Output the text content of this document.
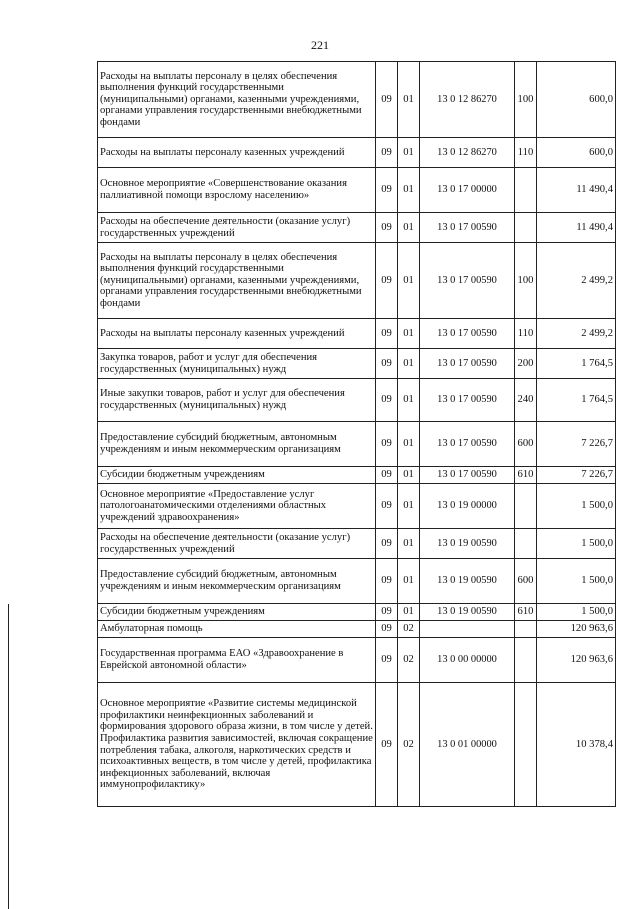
221
Расходы на выплаты персоналу в целях обеспечения выполнения функций государственными (муниципальными) органами, казенными учреждениями, органами управления государственными внебюджетными фондами	09	01	13 0 12 86270	100	600,0
Расходы на выплаты персоналу казенных учреждений	09	01	13 0 12 86270	110	600,0
Основное мероприятие «Совершенствование оказания паллиативной помощи взрослому населению»	09	01	13 0 17 00000		11 490,4
Расходы на обеспечение деятельности (оказание услуг) государственных учреждений	09	01	13 0 17 00590		11 490,4
Расходы на выплаты персоналу в целях обеспечения выполнения функций государственными (муниципальными) органами, казенными учреждениями, органами управления государственными внебюджетными фондами	09	01	13 0 17 00590	100	2 499,2
Расходы на выплаты персоналу казенных учреждений	09	01	13 0 17 00590	110	2 499,2
Закупка товаров, работ и услуг для обеспечения государственных (муниципальных) нужд	09	01	13 0 17 00590	200	1 764,5
Иные закупки товаров, работ и услуг для обеспечения государственных (муниципальных) нужд	09	01	13 0 17 00590	240	1 764,5
Предоставление субсидий бюджетным, автономным учреждениям и иным некоммерческим организациям	09	01	13 0 17 00590	600	7 226,7
Субсидии бюджетным учреждениям	09	01	13 0 17 00590	610	7 226,7
Основное мероприятие «Предоставление услуг патологоанатомическими отделениями областных учреждений здравоохранения»	09	01	13 0 19 00000		1 500,0
Расходы на обеспечение деятельности (оказание услуг) государственных учреждений	09	01	13 0 19 00590		1 500,0
Предоставление субсидий бюджетным, автономным учреждениям и иным некоммерческим организациям	09	01	13 0 19 00590	600	1 500,0
Субсидии бюджетным учреждениям	09	01	13 0 19 00590	610	1 500,0
Амбулаторная помощь	09	02			120 963,6
Государственная программа ЕАО «Здравоохранение в Еврейской автономной области»	09	02	13 0 00 00000		120 963,6
Основное мероприятие «Развитие системы медицинской профилактики неинфекционных заболеваний и формирования здорового образа жизни, в том числе у детей. Профилактика развития зависимостей, включая сокращение потребления табака, алкоголя, наркотических средств и психоактивных веществ, в том числе у детей, профилактика инфекционных заболеваний, включая иммунопрофилактику»	09	02	13 0 01 00000		10 378,4
